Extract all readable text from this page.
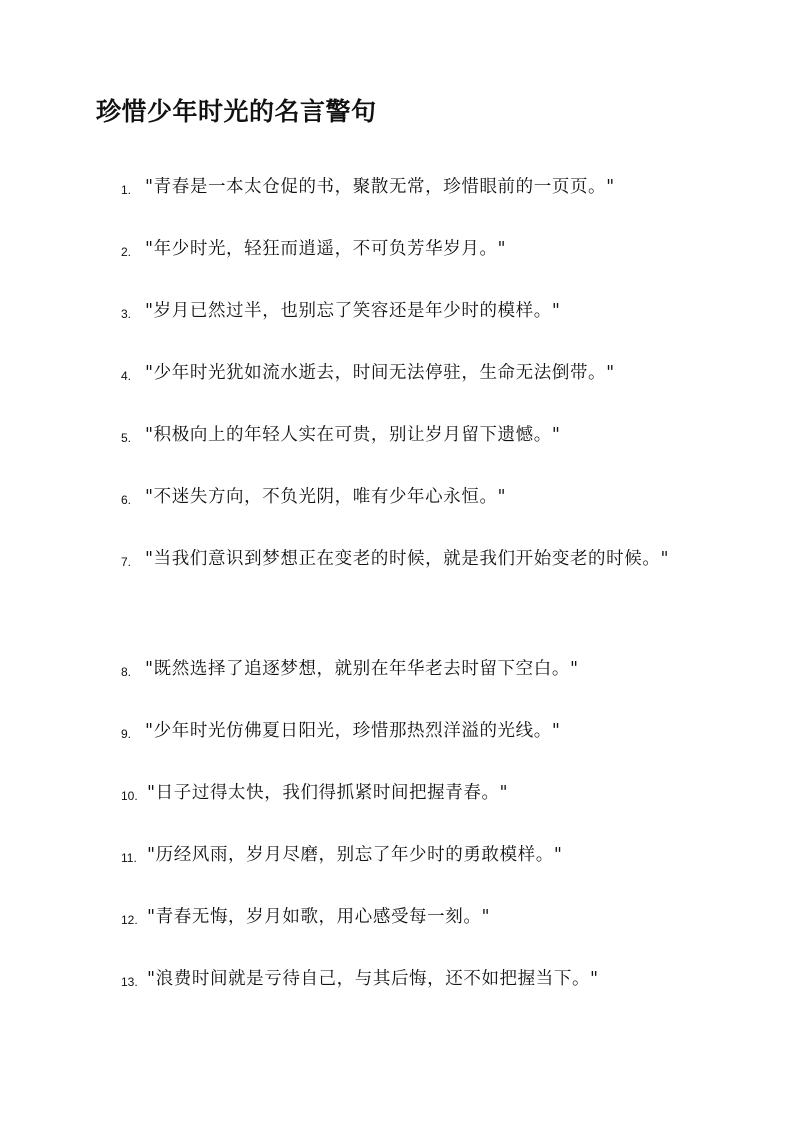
珍惜少年时光的名言警句
1. "青春是一本太仓促的书，聚散无常，珍惜眼前的一页页。"
2. "年少时光，轻狂而逍遥，不可负芳华岁月。"
3. "岁月已然过半，也别忘了笑容还是年少时的模样。"
4. "少年时光犹如流水逝去，时间无法停驻，生命无法倒带。"
5. "积极向上的年轻人实在可贵，别让岁月留下遗憾。"
6. "不迷失方向，不负光阴，唯有少年心永恒。"
7. "当我们意识到梦想正在变老的时候，就是我们开始变老的时候。"
8. "既然选择了追逐梦想，就别在年华老去时留下空白。"
9. "少年时光仿佛夏日阳光，珍惜那热烈洋溢的光线。"
10. "日子过得太快，我们得抓紧时间把握青春。"
11. "历经风雨，岁月尽磨，别忘了年少时的勇敢模样。"
12. "青春无悔，岁月如歌，用心感受每一刻。"
13. "浪费时间就是亏待自己，与其后悔，还不如把握当下。"
